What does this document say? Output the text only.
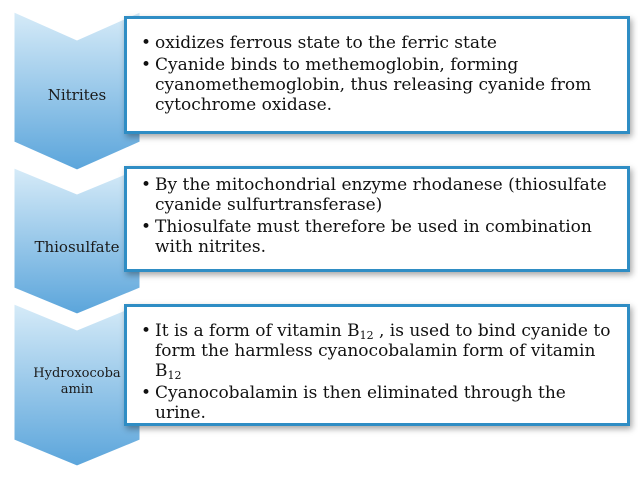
Nitrites
• oxidizes ferrous state to the ferric state
• Cyanide binds to methemoglobin, forming cyanomethemoglobin, thus releasing cyanide from cytochrome oxidase.
Thiosulfate
• By the mitochondrial enzyme rhodanese (thiosulfate cyanide sulfurtransferase)
• Thiosulfate must therefore be used in combination with nitrites.
Hydroxocoba amin
• It is a form of vitamin $B_{12}$ , is used to bind cyanide to form the harmless cyanocobalamin form of vitamin $B_{12}$
• Cyanocobalamin is then eliminated through the urine.
